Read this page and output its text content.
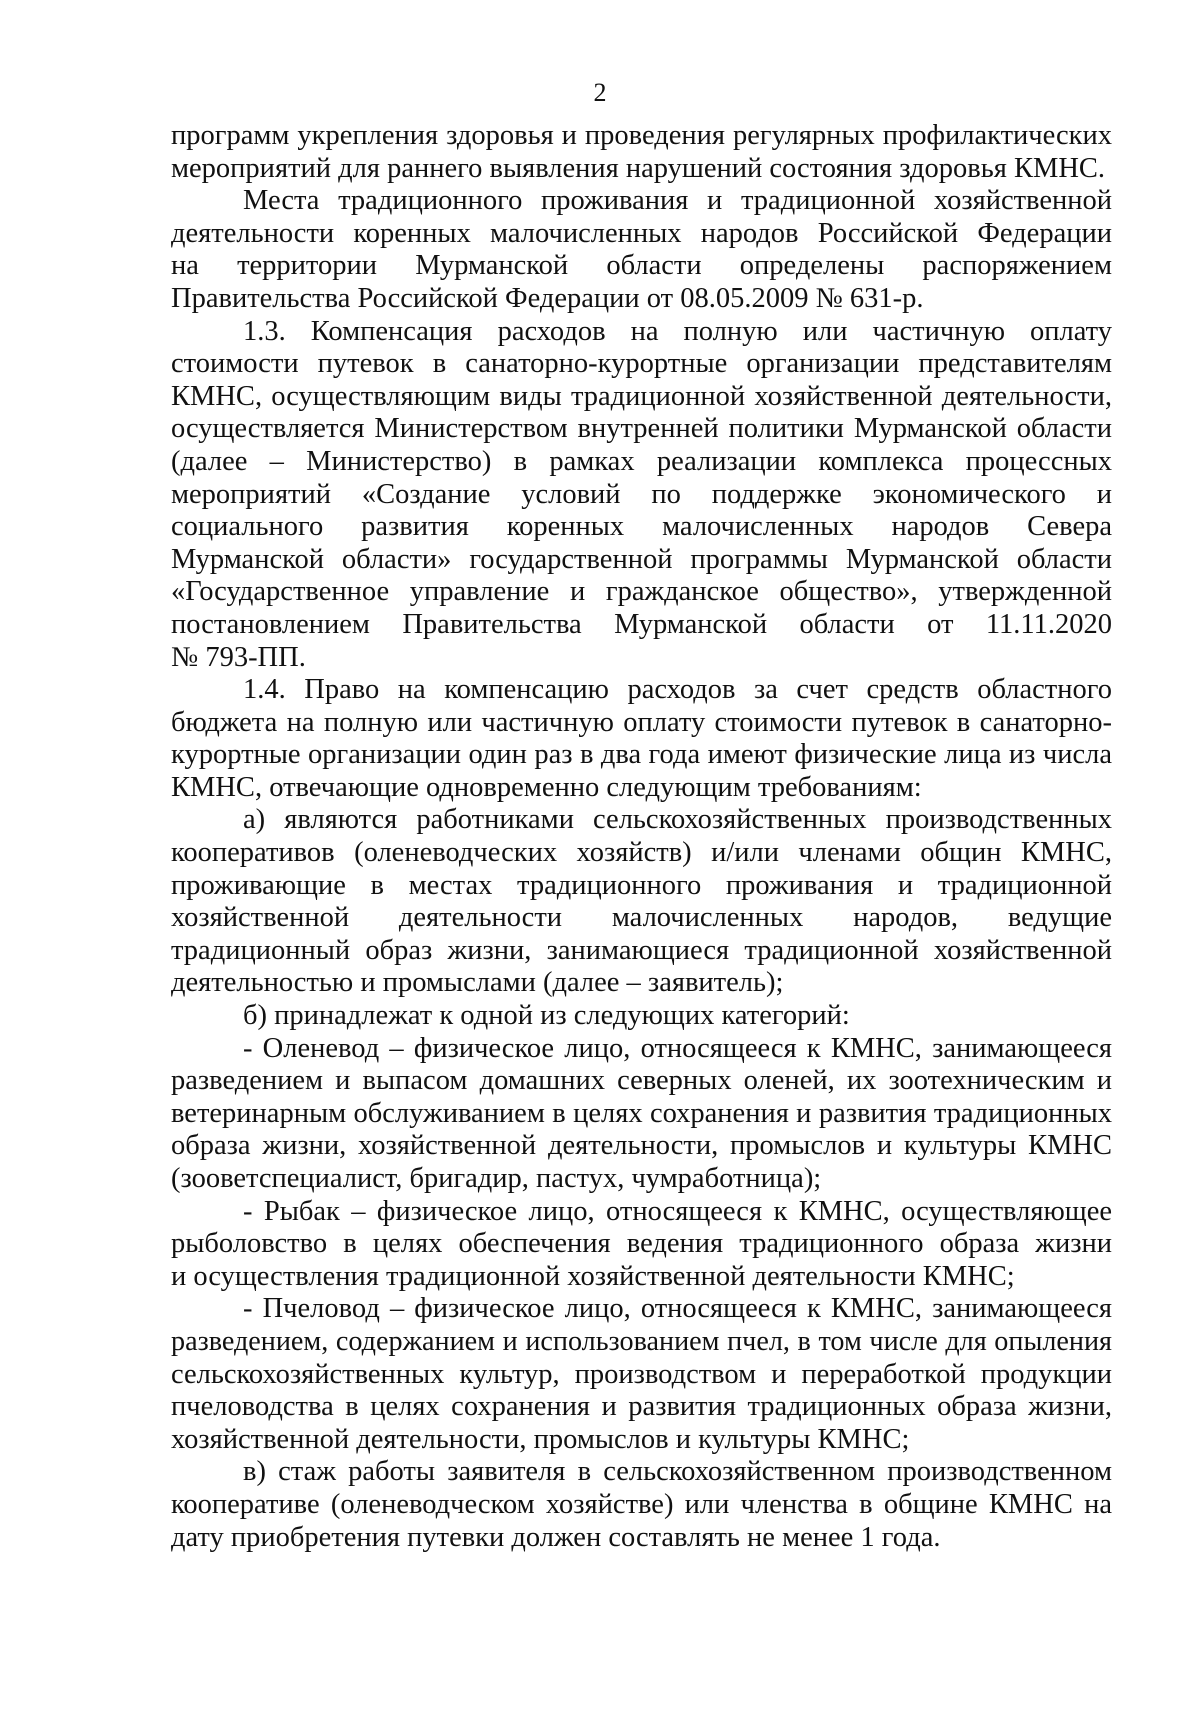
2
программ укрепления здоровья и проведения регулярных профилактических
мероприятий для раннего выявления нарушений состояния здоровья КМНС.
Места традиционного проживания и традиционной хозяйственной
деятельности коренных малочисленных народов Российской Федерации
на территории Мурманской области определены распоряжением
Правительства Российской Федерации от 08.05.2009 № 631-р.
1.3. Компенсация расходов на полную или частичную оплату
стоимости путевок в санаторно-курортные организации представителям
КМНС, осуществляющим виды традиционной хозяйственной деятельности,
осуществляется Министерством внутренней политики Мурманской области
(далее – Министерство) в рамках реализации комплекса процессных
мероприятий «Создание условий по поддержке экономического и
социального развития коренных малочисленных народов Севера
Мурманской области» государственной программы Мурманской области
«Государственное управление и гражданское общество», утвержденной
постановлением Правительства Мурманской области от 11.11.2020
№ 793-ПП.
1.4. Право на компенсацию расходов за счет средств областного
бюджета на полную или частичную оплату стоимости путевок в санаторно-
курортные организации один раз в два года имеют физические лица из числа
КМНС, отвечающие одновременно следующим требованиям:
а) являются работниками сельскохозяйственных производственных
кооперативов (оленеводческих хозяйств) и/или членами общин КМНС,
проживающие в местах традиционного проживания и традиционной
хозяйственной деятельности малочисленных народов, ведущие
традиционный образ жизни, занимающиеся традиционной хозяйственной
деятельностью и промыслами (далее – заявитель);
б) принадлежат к одной из следующих категорий:
- Оленевод – физическое лицо, относящееся к КМНС, занимающееся
разведением и выпасом домашних северных оленей, их зоотехническим и
ветеринарным обслуживанием в целях сохранения и развития традиционных
образа жизни, хозяйственной деятельности, промыслов и культуры КМНС
(зооветспециалист, бригадир, пастух, чумработница);
- Рыбак – физическое лицо, относящееся к КМНС, осуществляющее
рыболовство в целях обеспечения ведения традиционного образа жизни
и осуществления традиционной хозяйственной деятельности КМНС;
- Пчеловод – физическое лицо, относящееся к КМНС, занимающееся
разведением, содержанием и использованием пчел, в том числе для опыления
сельскохозяйственных культур, производством и переработкой продукции
пчеловодства в целях сохранения и развития традиционных образа жизни,
хозяйственной деятельности, промыслов и культуры КМНС;
в) стаж работы заявителя в сельскохозяйственном производственном
кооперативе (оленеводческом хозяйстве) или членства в общине КМНС на
дату приобретения путевки должен составлять не менее 1 года.
